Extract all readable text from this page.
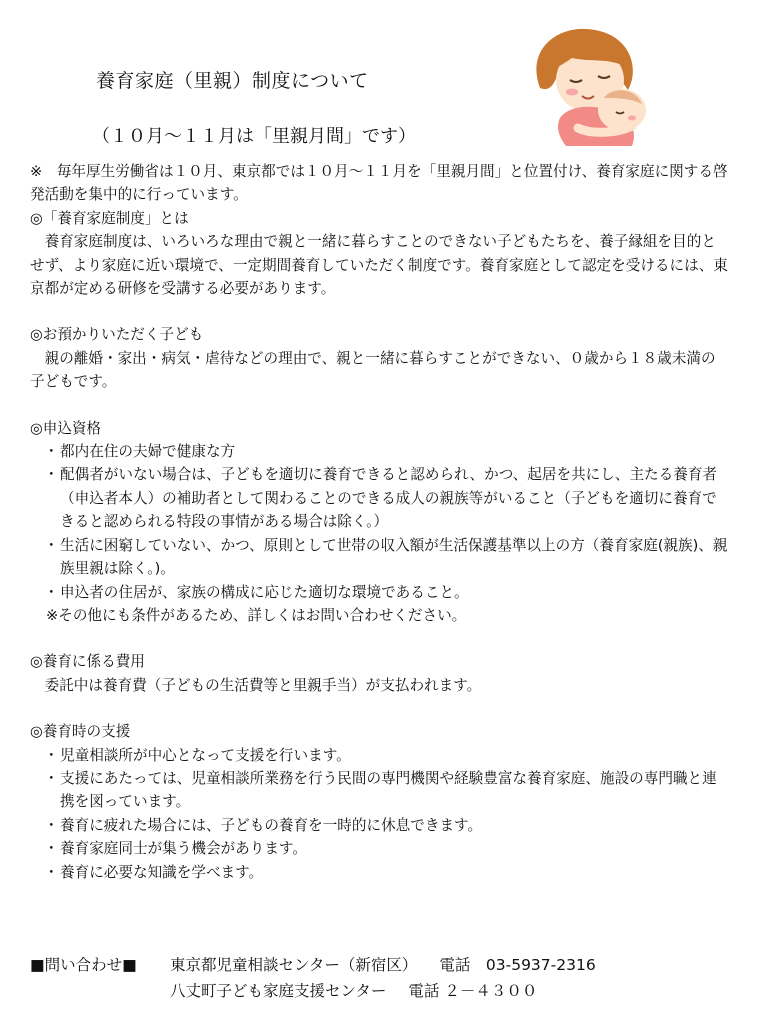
養育家庭（里親）制度について
（１０月～１１月は「里親月間」です）

※　毎年厚生労働省は１０月、東京都では１０月～１１月を「里親月間」と位置付け、養育家庭に関する啓発活動を集中的に行っています。

◎「養育家庭制度」とは

養育家庭制度は、いろいろな理由で親と一緒に暮らすことのできない子どもたちを、養子縁組を目的とせず、より家庭に近い環境で、一定期間養育していただく制度です。養育家庭として認定を受けるには、東京都が定める研修を受講する必要があります。

◎お預かりいただく子ども

親の離婚・家出・病気・虐待などの理由で、親と一緒に暮らすことができない、０歳から１８歳未満の子どもです。

◎申込資格

・ 都内在住の夫婦で健康な方
・ 配偶者がいない場合は、子どもを適切に養育できると認められ、かつ、起居を共にし、主たる養育者（申込者本人）の補助者として関わることのできる成人の親族等がいること（子どもを適切に養育できると認められる特段の事情がある場合は除く。）
・ 生活に困窮していない、かつ、原則として世帯の収入額が生活保護基準以上の方（養育家庭(親族)、親族里親は除く。)。
・ 申込者の住居が、家族の構成に応じた適切な環境であること。

※その他にも条件があるため、詳しくはお問い合わせください。

◎養育に係る費用

委託中は養育費（子どもの生活費等と里親手当）が支払われます。

◎養育時の支援

・ 児童相談所が中心となって支援を行います。
・ 支援にあたっては、児童相談所業務を行う民間の専門機関や経験豊富な養育家庭、施設の専門職と連携を図っています。
・ 養育に疲れた場合には、子どもの養育を一時的に休息できます。
・ 養育家庭同士が集う機会があります。
・ 養育に必要な知識を学べます。
■問い合わせ■	東京都児童相談センター（新宿区） 電話　03-5937-2316
八丈町子ども家庭支援センター 電話 ２－４３００
